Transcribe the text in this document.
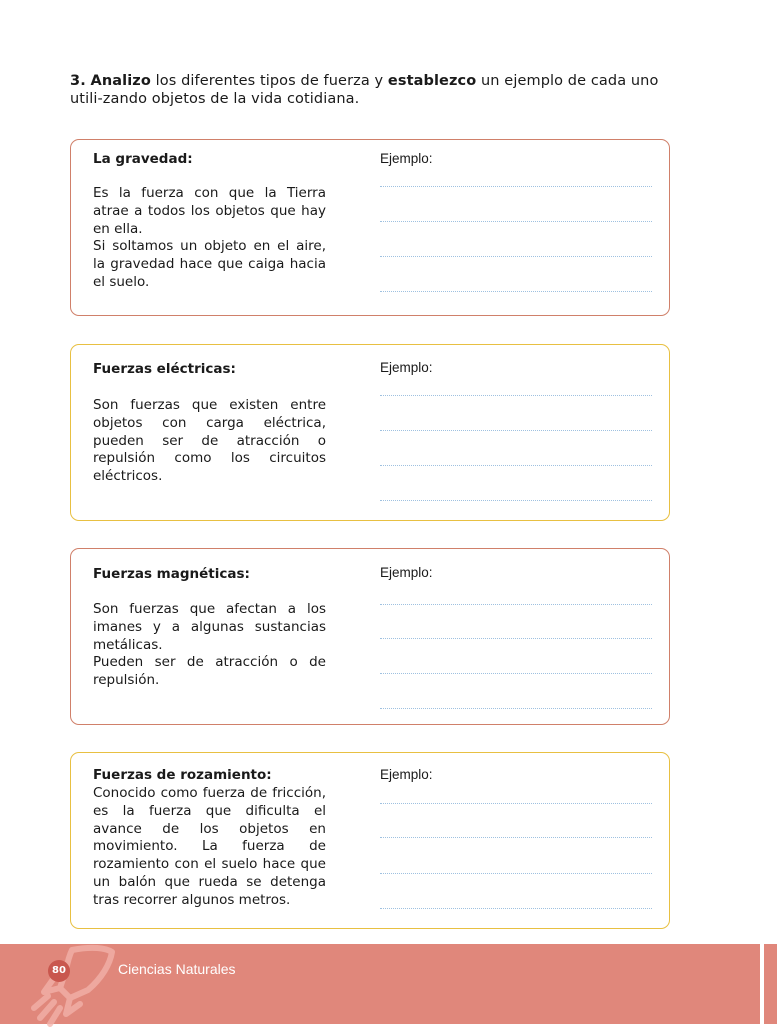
3. Analizo los diferentes tipos de fuerza y establezco un ejemplo de cada uno utili-zando objetos de la vida cotidiana.
La gravedad:

Es la fuerza con que la Tierra atrae a todos los objetos que hay en ella.

Si soltamos un objeto en el aire, la gravedad hace que caiga hacia el suelo.

Ejemplo:
Fuerzas eléctricas:

Son fuerzas que existen entre objetos con carga eléctrica, pueden ser de atracción o repulsión como los circuitos eléctricos.

Ejemplo:
Fuerzas magnéticas:

Son fuerzas que afectan a los imanes y a algunas sustancias metálicas.

Pueden ser de atracción o de repulsión.

Ejemplo:
Fuerzas de rozamiento:

Conocido como fuerza de fricción, es la fuerza que dificulta el avance de los objetos en movimiento. La fuerza de rozamiento con el suelo hace que un balón que rueda se detenga tras recorrer algunos metros.

Ejemplo:
80	Ciencias Naturales
